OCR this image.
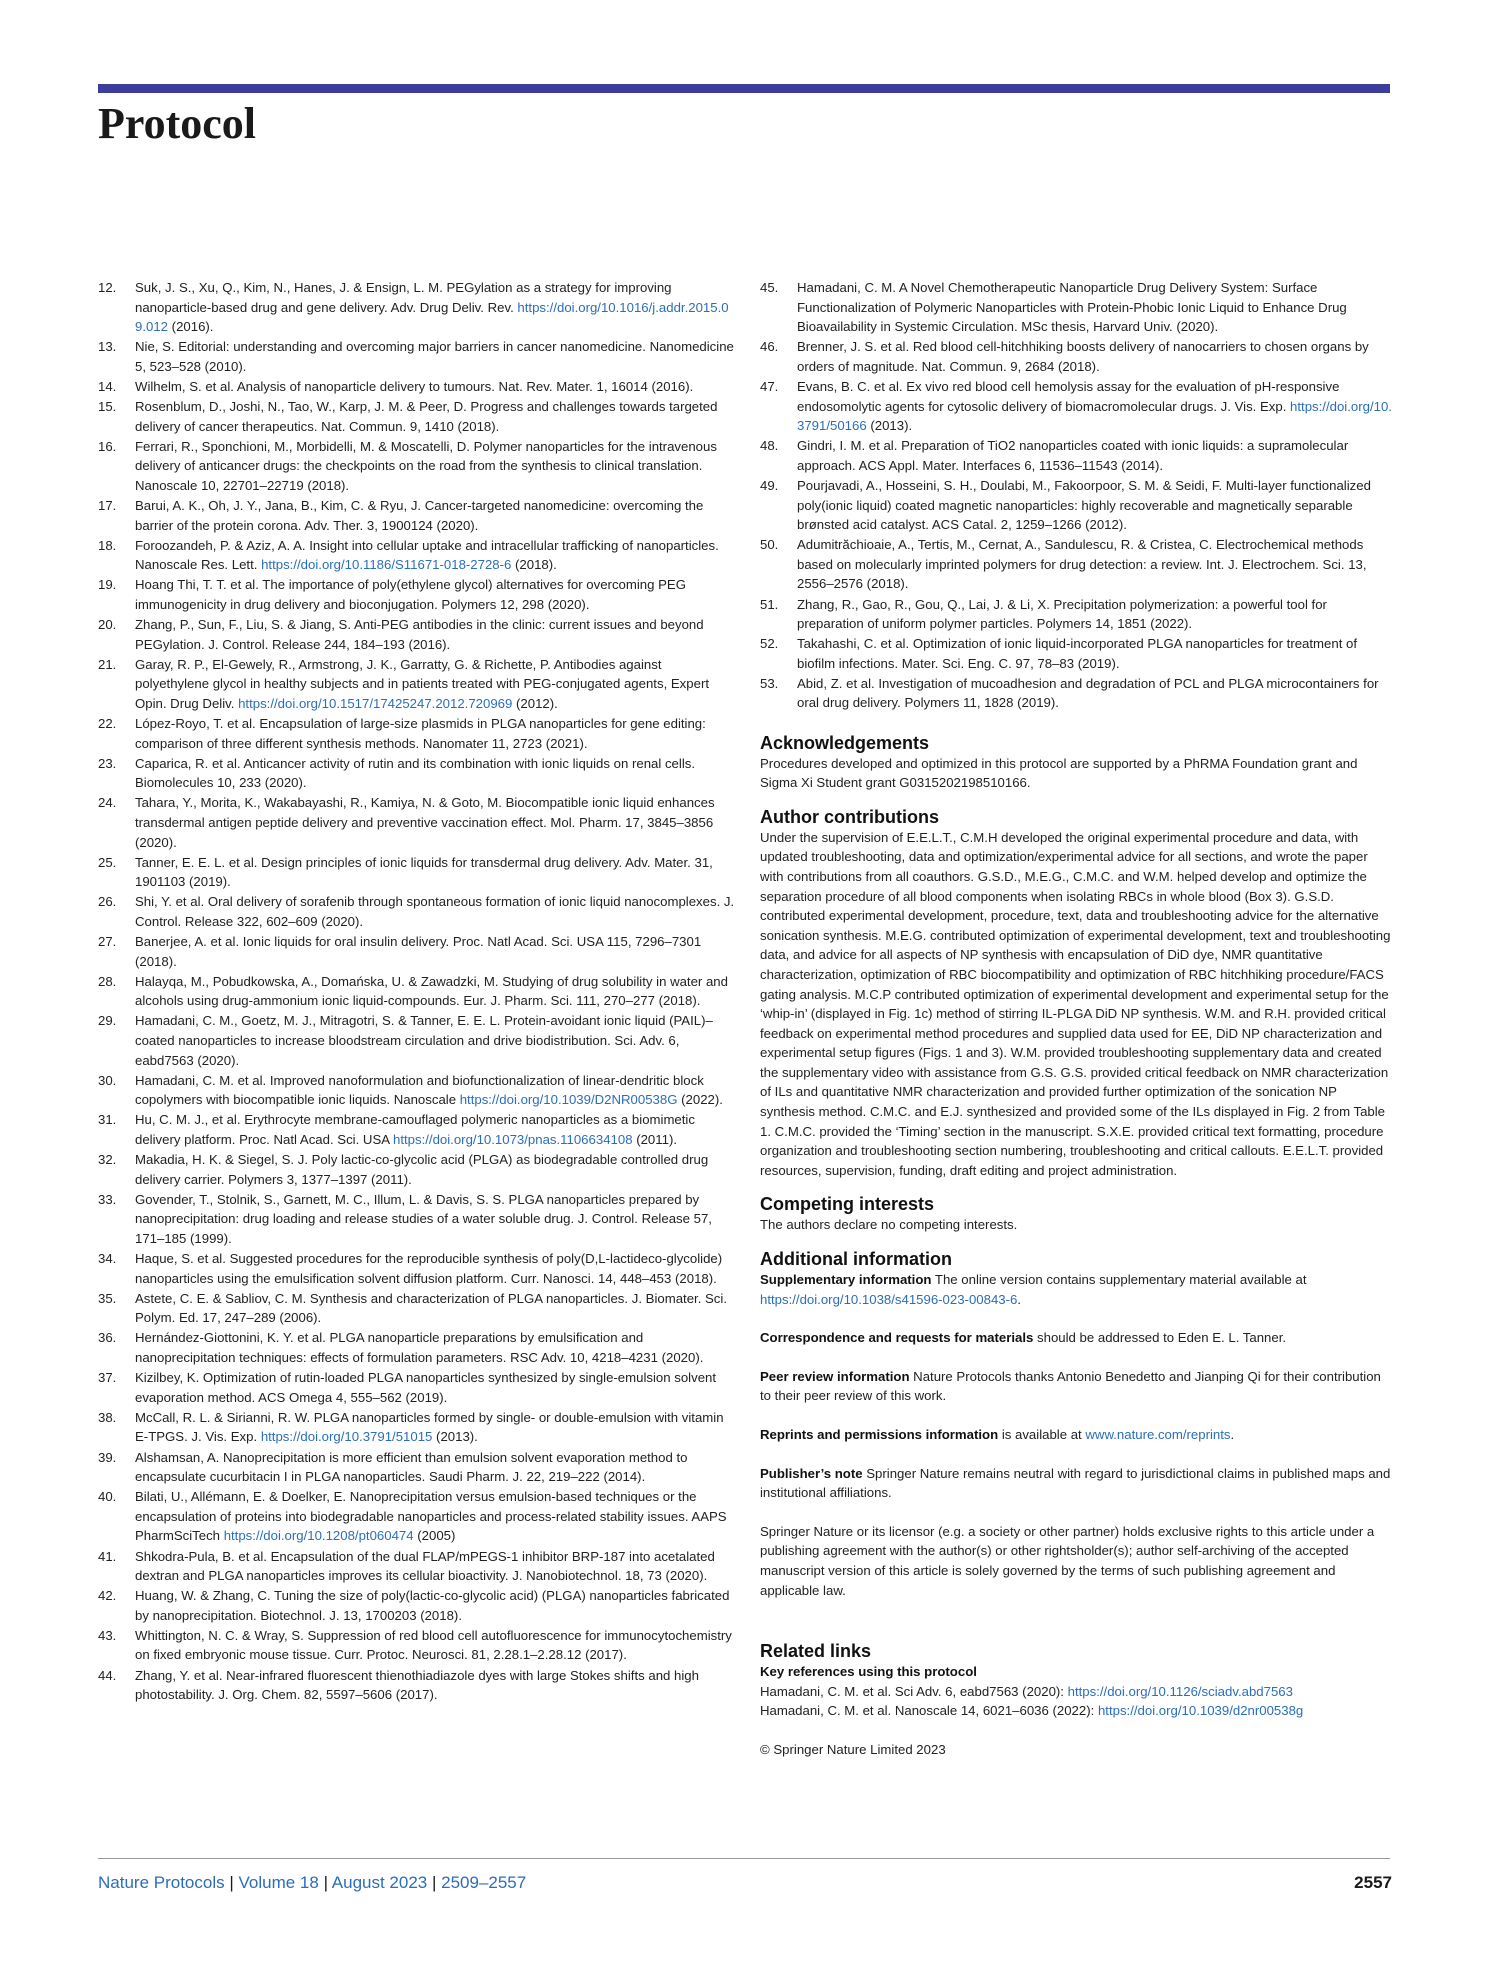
Protocol
12.	Suk, J. S., Xu, Q., Kim, N., Hanes, J. & Ensign, L. M. PEGylation as a strategy for improving nanoparticle-based drug and gene delivery. Adv. Drug Deliv. Rev. https://doi.org/10.1016/j.addr.2015.09.012 (2016).
13.	Nie, S. Editorial: understanding and overcoming major barriers in cancer nanomedicine. Nanomedicine 5, 523–528 (2010).
14.	Wilhelm, S. et al. Analysis of nanoparticle delivery to tumours. Nat. Rev. Mater. 1, 16014 (2016).
15.	Rosenblum, D., Joshi, N., Tao, W., Karp, J. M. & Peer, D. Progress and challenges towards targeted delivery of cancer therapeutics. Nat. Commun. 9, 1410 (2018).
16.	Ferrari, R., Sponchioni, M., Morbidelli, M. & Moscatelli, D. Polymer nanoparticles for the intravenous delivery of anticancer drugs: the checkpoints on the road from the synthesis to clinical translation. Nanoscale 10, 22701–22719 (2018).
17.	Barui, A. K., Oh, J. Y., Jana, B., Kim, C. & Ryu, J. Cancer-targeted nanomedicine: overcoming the barrier of the protein corona. Adv. Ther. 3, 1900124 (2020).
18.	Foroozandeh, P. & Aziz, A. A. Insight into cellular uptake and intracellular trafficking of nanoparticles. Nanoscale Res. Lett. https://doi.org/10.1186/S11671-018-2728-6 (2018).
19.	Hoang Thi, T. T. et al. The importance of poly(ethylene glycol) alternatives for overcoming PEG immunogenicity in drug delivery and bioconjugation. Polymers 12, 298 (2020).
20.	Zhang, P., Sun, F., Liu, S. & Jiang, S. Anti-PEG antibodies in the clinic: current issues and beyond PEGylation. J. Control. Release 244, 184–193 (2016).
21.	Garay, R. P., El-Gewely, R., Armstrong, J. K., Garratty, G. & Richette, P. Antibodies against polyethylene glycol in healthy subjects and in patients treated with PEG-conjugated agents, Expert Opin. Drug Deliv. https://doi.org/10.1517/17425247.2012.720969 (2012).
22.	López-Royo, T. et al. Encapsulation of large-size plasmids in PLGA nanoparticles for gene editing: comparison of three different synthesis methods. Nanomater 11, 2723 (2021).
23.	Caparica, R. et al. Anticancer activity of rutin and its combination with ionic liquids on renal cells. Biomolecules 10, 233 (2020).
24.	Tahara, Y., Morita, K., Wakabayashi, R., Kamiya, N. & Goto, M. Biocompatible ionic liquid enhances transdermal antigen peptide delivery and preventive vaccination effect. Mol. Pharm. 17, 3845–3856 (2020).
25.	Tanner, E. E. L. et al. Design principles of ionic liquids for transdermal drug delivery. Adv. Mater. 31, 1901103 (2019).
26.	Shi, Y. et al. Oral delivery of sorafenib through spontaneous formation of ionic liquid nanocomplexes. J. Control. Release 322, 602–609 (2020).
27.	Banerjee, A. et al. Ionic liquids for oral insulin delivery. Proc. Natl Acad. Sci. USA 115, 7296–7301 (2018).
28.	Halayqa, M., Pobudkowska, A., Domańska, U. & Zawadzki, M. Studying of drug solubility in water and alcohols using drug-ammonium ionic liquid-compounds. Eur. J. Pharm. Sci. 111, 270–277 (2018).
29.	Hamadani, C. M., Goetz, M. J., Mitragotri, S. & Tanner, E. E. L. Protein-avoidant ionic liquid (PAIL)–coated nanoparticles to increase bloodstream circulation and drive biodistribution. Sci. Adv. 6, eabd7563 (2020).
30.	Hamadani, C. M. et al. Improved nanoformulation and biofunctionalization of linear-dendritic block copolymers with biocompatible ionic liquids. Nanoscale https://doi.org/10.1039/D2NR00538G (2022).
31.	Hu, C. M. J., et al. Erythrocyte membrane-camouflaged polymeric nanoparticles as a biomimetic delivery platform. Proc. Natl Acad. Sci. USA https://doi.org/10.1073/pnas.1106634108 (2011).
32.	Makadia, H. K. & Siegel, S. J. Poly lactic-co-glycolic acid (PLGA) as biodegradable controlled drug delivery carrier. Polymers 3, 1377–1397 (2011).
33.	Govender, T., Stolnik, S., Garnett, M. C., Illum, L. & Davis, S. S. PLGA nanoparticles prepared by nanoprecipitation: drug loading and release studies of a water soluble drug. J. Control. Release 57, 171–185 (1999).
34.	Haque, S. et al. Suggested procedures for the reproducible synthesis of poly(D,L-lactideco-glycolide) nanoparticles using the emulsification solvent diffusion platform. Curr. Nanosci. 14, 448–453 (2018).
35.	Astete, C. E. & Sabliov, C. M. Synthesis and characterization of PLGA nanoparticles. J. Biomater. Sci. Polym. Ed. 17, 247–289 (2006).
36.	Hernández-Giottonini, K. Y. et al. PLGA nanoparticle preparations by emulsification and nanoprecipitation techniques: effects of formulation parameters. RSC Adv. 10, 4218–4231 (2020).
37.	Kizilbey, K. Optimization of rutin-loaded PLGA nanoparticles synthesized by single-emulsion solvent evaporation method. ACS Omega 4, 555–562 (2019).
38.	McCall, R. L. & Sirianni, R. W. PLGA nanoparticles formed by single- or double-emulsion with vitamin E-TPGS. J. Vis. Exp. https://doi.org/10.3791/51015 (2013).
39.	Alshamsan, A. Nanoprecipitation is more efficient than emulsion solvent evaporation method to encapsulate cucurbitacin I in PLGA nanoparticles. Saudi Pharm. J. 22, 219–222 (2014).
40.	Bilati, U., Allémann, E. & Doelker, E. Nanoprecipitation versus emulsion-based techniques or the encapsulation of proteins into biodegradable nanoparticles and process-related stability issues. AAPS PharmSciTech https://doi.org/10.1208/pt060474 (2005)
41.	Shkodra-Pula, B. et al. Encapsulation of the dual FLAP/mPEGS-1 inhibitor BRP-187 into acetalated dextran and PLGA nanoparticles improves its cellular bioactivity. J. Nanobiotechnol. 18, 73 (2020).
42.	Huang, W. & Zhang, C. Tuning the size of poly(lactic-co-glycolic acid) (PLGA) nanoparticles fabricated by nanoprecipitation. Biotechnol. J. 13, 1700203 (2018).
43.	Whittington, N. C. & Wray, S. Suppression of red blood cell autofluorescence for immunocytochemistry on fixed embryonic mouse tissue. Curr. Protoc. Neurosci. 81, 2.28.1–2.28.12 (2017).
44.	Zhang, Y. et al. Near-infrared fluorescent thienothiadiazole dyes with large Stokes shifts and high photostability. J. Org. Chem. 82, 5597–5606 (2017).
45.	Hamadani, C. M. A Novel Chemotherapeutic Nanoparticle Drug Delivery System: Surface Functionalization of Polymeric Nanoparticles with Protein-Phobic Ionic Liquid to Enhance Drug Bioavailability in Systemic Circulation. MSc thesis, Harvard Univ. (2020).
46.	Brenner, J. S. et al. Red blood cell-hitchhiking boosts delivery of nanocarriers to chosen organs by orders of magnitude. Nat. Commun. 9, 2684 (2018).
47.	Evans, B. C. et al. Ex vivo red blood cell hemolysis assay for the evaluation of pH-responsive endosomolytic agents for cytosolic delivery of biomacromolecular drugs. J. Vis. Exp. https://doi.org/10.3791/50166 (2013).
48.	Gindri, I. M. et al. Preparation of TiO2 nanoparticles coated with ionic liquids: a supramolecular approach. ACS Appl. Mater. Interfaces 6, 11536–11543 (2014).
49.	Pourjavadi, A., Hosseini, S. H., Doulabi, M., Fakoorpoor, S. M. & Seidi, F. Multi-layer functionalized poly(ionic liquid) coated magnetic nanoparticles: highly recoverable and magnetically separable brønsted acid catalyst. ACS Catal. 2, 1259–1266 (2012).
50.	Adumitrăchioaie, A., Tertis, M., Cernat, A., Sandulescu, R. & Cristea, C. Electrochemical methods based on molecularly imprinted polymers for drug detection: a review. Int. J. Electrochem. Sci. 13, 2556–2576 (2018).
51.	Zhang, R., Gao, R., Gou, Q., Lai, J. & Li, X. Precipitation polymerization: a powerful tool for preparation of uniform polymer particles. Polymers 14, 1851 (2022).
52.	Takahashi, C. et al. Optimization of ionic liquid-incorporated PLGA nanoparticles for treatment of biofilm infections. Mater. Sci. Eng. C. 97, 78–83 (2019).
53.	Abid, Z. et al. Investigation of mucoadhesion and degradation of PCL and PLGA microcontainers for oral drug delivery. Polymers 11, 1828 (2019).
Acknowledgements

Procedures developed and optimized in this protocol are supported by a PhRMA Foundation grant and Sigma Xi Student grant G0315202198510166.

Author contributions

Under the supervision of E.E.L.T., C.M.H developed the original experimental procedure and data, with updated troubleshooting, data and optimization/experimental advice for all sections, and wrote the paper with contributions from all coauthors. G.S.D., M.E.G., C.M.C. and W.M. helped develop and optimize the separation procedure of all blood components when isolating RBCs in whole blood (Box 3). G.S.D. contributed experimental development, procedure, text, data and troubleshooting advice for the alternative sonication synthesis. M.E.G. contributed optimization of experimental development, text and troubleshooting data, and advice for all aspects of NP synthesis with encapsulation of DiD dye, NMR quantitative characterization, optimization of RBC biocompatibility and optimization of RBC hitchhiking procedure/FACS gating analysis. M.C.P contributed optimization of experimental development and experimental setup for the ‘whip-in’ (displayed in Fig. 1c) method of stirring IL-PLGA DiD NP synthesis. W.M. and R.H. provided critical feedback on experimental method procedures and supplied data used for EE, DiD NP characterization and experimental setup figures (Figs. 1 and 3). W.M. provided troubleshooting supplementary data and created the supplementary video with assistance from G.S. G.S. provided critical feedback on NMR characterization of ILs and quantitative NMR characterization and provided further optimization of the sonication NP synthesis method. C.M.C. and E.J. synthesized and provided some of the ILs displayed in Fig. 2 from Table 1. C.M.C. provided the ‘Timing’ section in the manuscript. S.X.E. provided critical text formatting, procedure organization and troubleshooting section numbering, troubleshooting and critical callouts. E.E.L.T. provided resources, supervision, funding, draft editing and project administration.

Competing interests

The authors declare no competing interests.

Additional information

Supplementary information The online version contains supplementary material available at https://doi.org/10.1038/s41596-023-00843-6.

Correspondence and requests for materials should be addressed to Eden E. L. Tanner.

Peer review information Nature Protocols thanks Antonio Benedetto and Jianping Qi for their contribution to their peer review of this work.

Reprints and permissions information is available at www.nature.com/reprints.

Publisher’s note Springer Nature remains neutral with regard to jurisdictional claims in published maps and institutional affiliations.

Springer Nature or its licensor (e.g. a society or other partner) holds exclusive rights to this article under a publishing agreement with the author(s) or other rightsholder(s); author self-archiving of the accepted manuscript version of this article is solely governed by the terms of such publishing agreement and applicable law.

Related links

Key references using this protocol

Hamadani, C. M. et al. Sci Adv. 6, eabd7563 (2020): https://doi.org/10.1126/sciadv.abd7563

Hamadani, C. M. et al. Nanoscale 14, 6021–6036 (2022): https://doi.org/10.1039/d2nr00538g

© Springer Nature Limited 2023

Nature Protocols | Volume 18 | August 2023 | 2509–2557	2557
